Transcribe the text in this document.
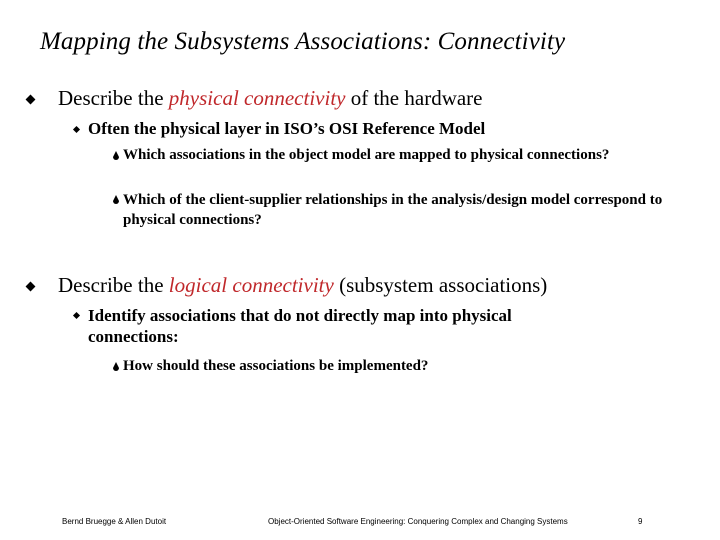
Mapping the Subsystems Associations: Connectivity
Describe the physical connectivity of the hardware
Often the physical layer in ISO’s OSI Reference Model
Which associations in the object model are mapped to physical connections?
Which of the client-supplier relationships in the analysis/design model correspond to physical connections?
Describe the logical connectivity (subsystem associations)
Identify associations that do not directly map into physical connections:
How should these associations be implemented?
Bernd Bruegge & Allen Dutoit	Object-Oriented Software Engineering: Conquering Complex and Changing Systems	9
